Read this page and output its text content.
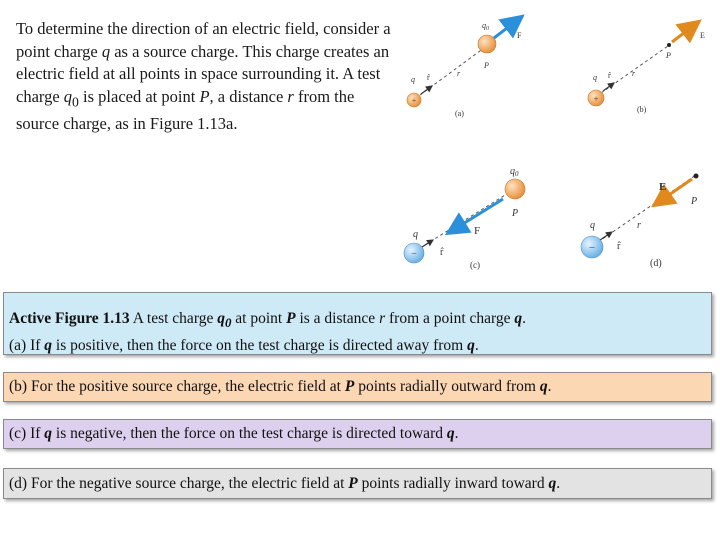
To determine the direction of an electric field, consider a point charge q as a source charge. This charge creates an electric field at all points in space surrounding it. A test charge $q_0$ is placed at point P, a distance r from the source charge, as in Figure 1.13a.

+
q r̂	r
P
$q_0$
F
(a)
+
q r̂	r
P
E
(b)
−
$q_0$
q
r̂
P
F
(c)
−
q
r̂
r
P
E
(d)
Active Figure 1.13 A test charge $q_0$ at point P is a distance r from a point charge q.
(a) If q is positive, then the force on the test charge is directed away from q.
(b) For the positive source charge, the electric field at P points radially outward from q.
(c) If q is negative, then the force on the test charge is directed toward q.
(d) For the negative source charge, the electric field at P points radially inward toward q.
